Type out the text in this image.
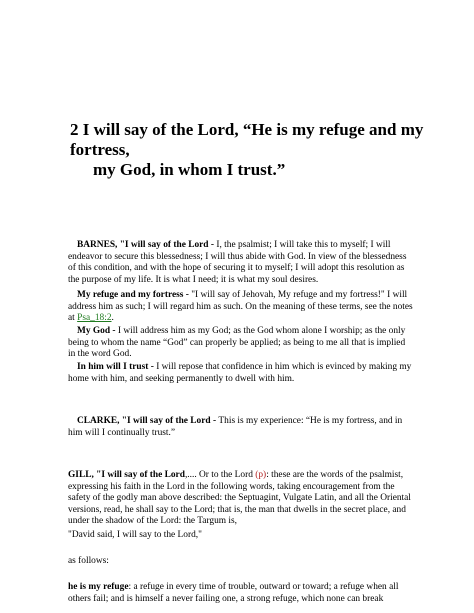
2 I will say of the Lord, “He is my refuge and my
fortress,
my God, in whom I trust.”

BARNES, "I will say of the Lord - I, the psalmist; I will take this to myself; I will endeavor to secure this blessedness; I will thus abide with God. In view of the blessedness of this condition, and with the hope of securing it to myself; I will adopt this resolution as the purpose of my life. It is what I need; it is what my soul desires.

My refuge and my fortress - "I will say of Jehovah, My refuge and my fortress!" I will address him as such; I will regard him as such. On the meaning of these terms, see the notes at Psa_18:2.

My God - I will address him as my God; as the God whom alone I worship; as the only being to whom the name “God” can properly be applied; as being to me all that is implied in the word God.

In him will I trust - I will repose that confidence in him which is evinced by making my home with him, and seeking permanently to dwell with him.

CLARKE, "I will say of the Lord - This is my experience: “He is my fortress, and in him will I continually trust.”

GILL, "I will say of the Lord,.... Or to the Lord (p): these are the words of the psalmist, expressing his faith in the Lord in the following words, taking encouragement from the safety of the godly man above described: the Septuagint, Vulgate Latin, and all the Oriental versions, read, he shall say to the Lord; that is, the man that dwells in the secret place, and under the shadow of the Lord: the Targum is,

"David said, I will say to the Lord,"

as follows:

he is my refuge: a refuge in every time of trouble, outward or toward; a refuge when all others fail; and is himself a never failing one, a strong refuge, which none can break
